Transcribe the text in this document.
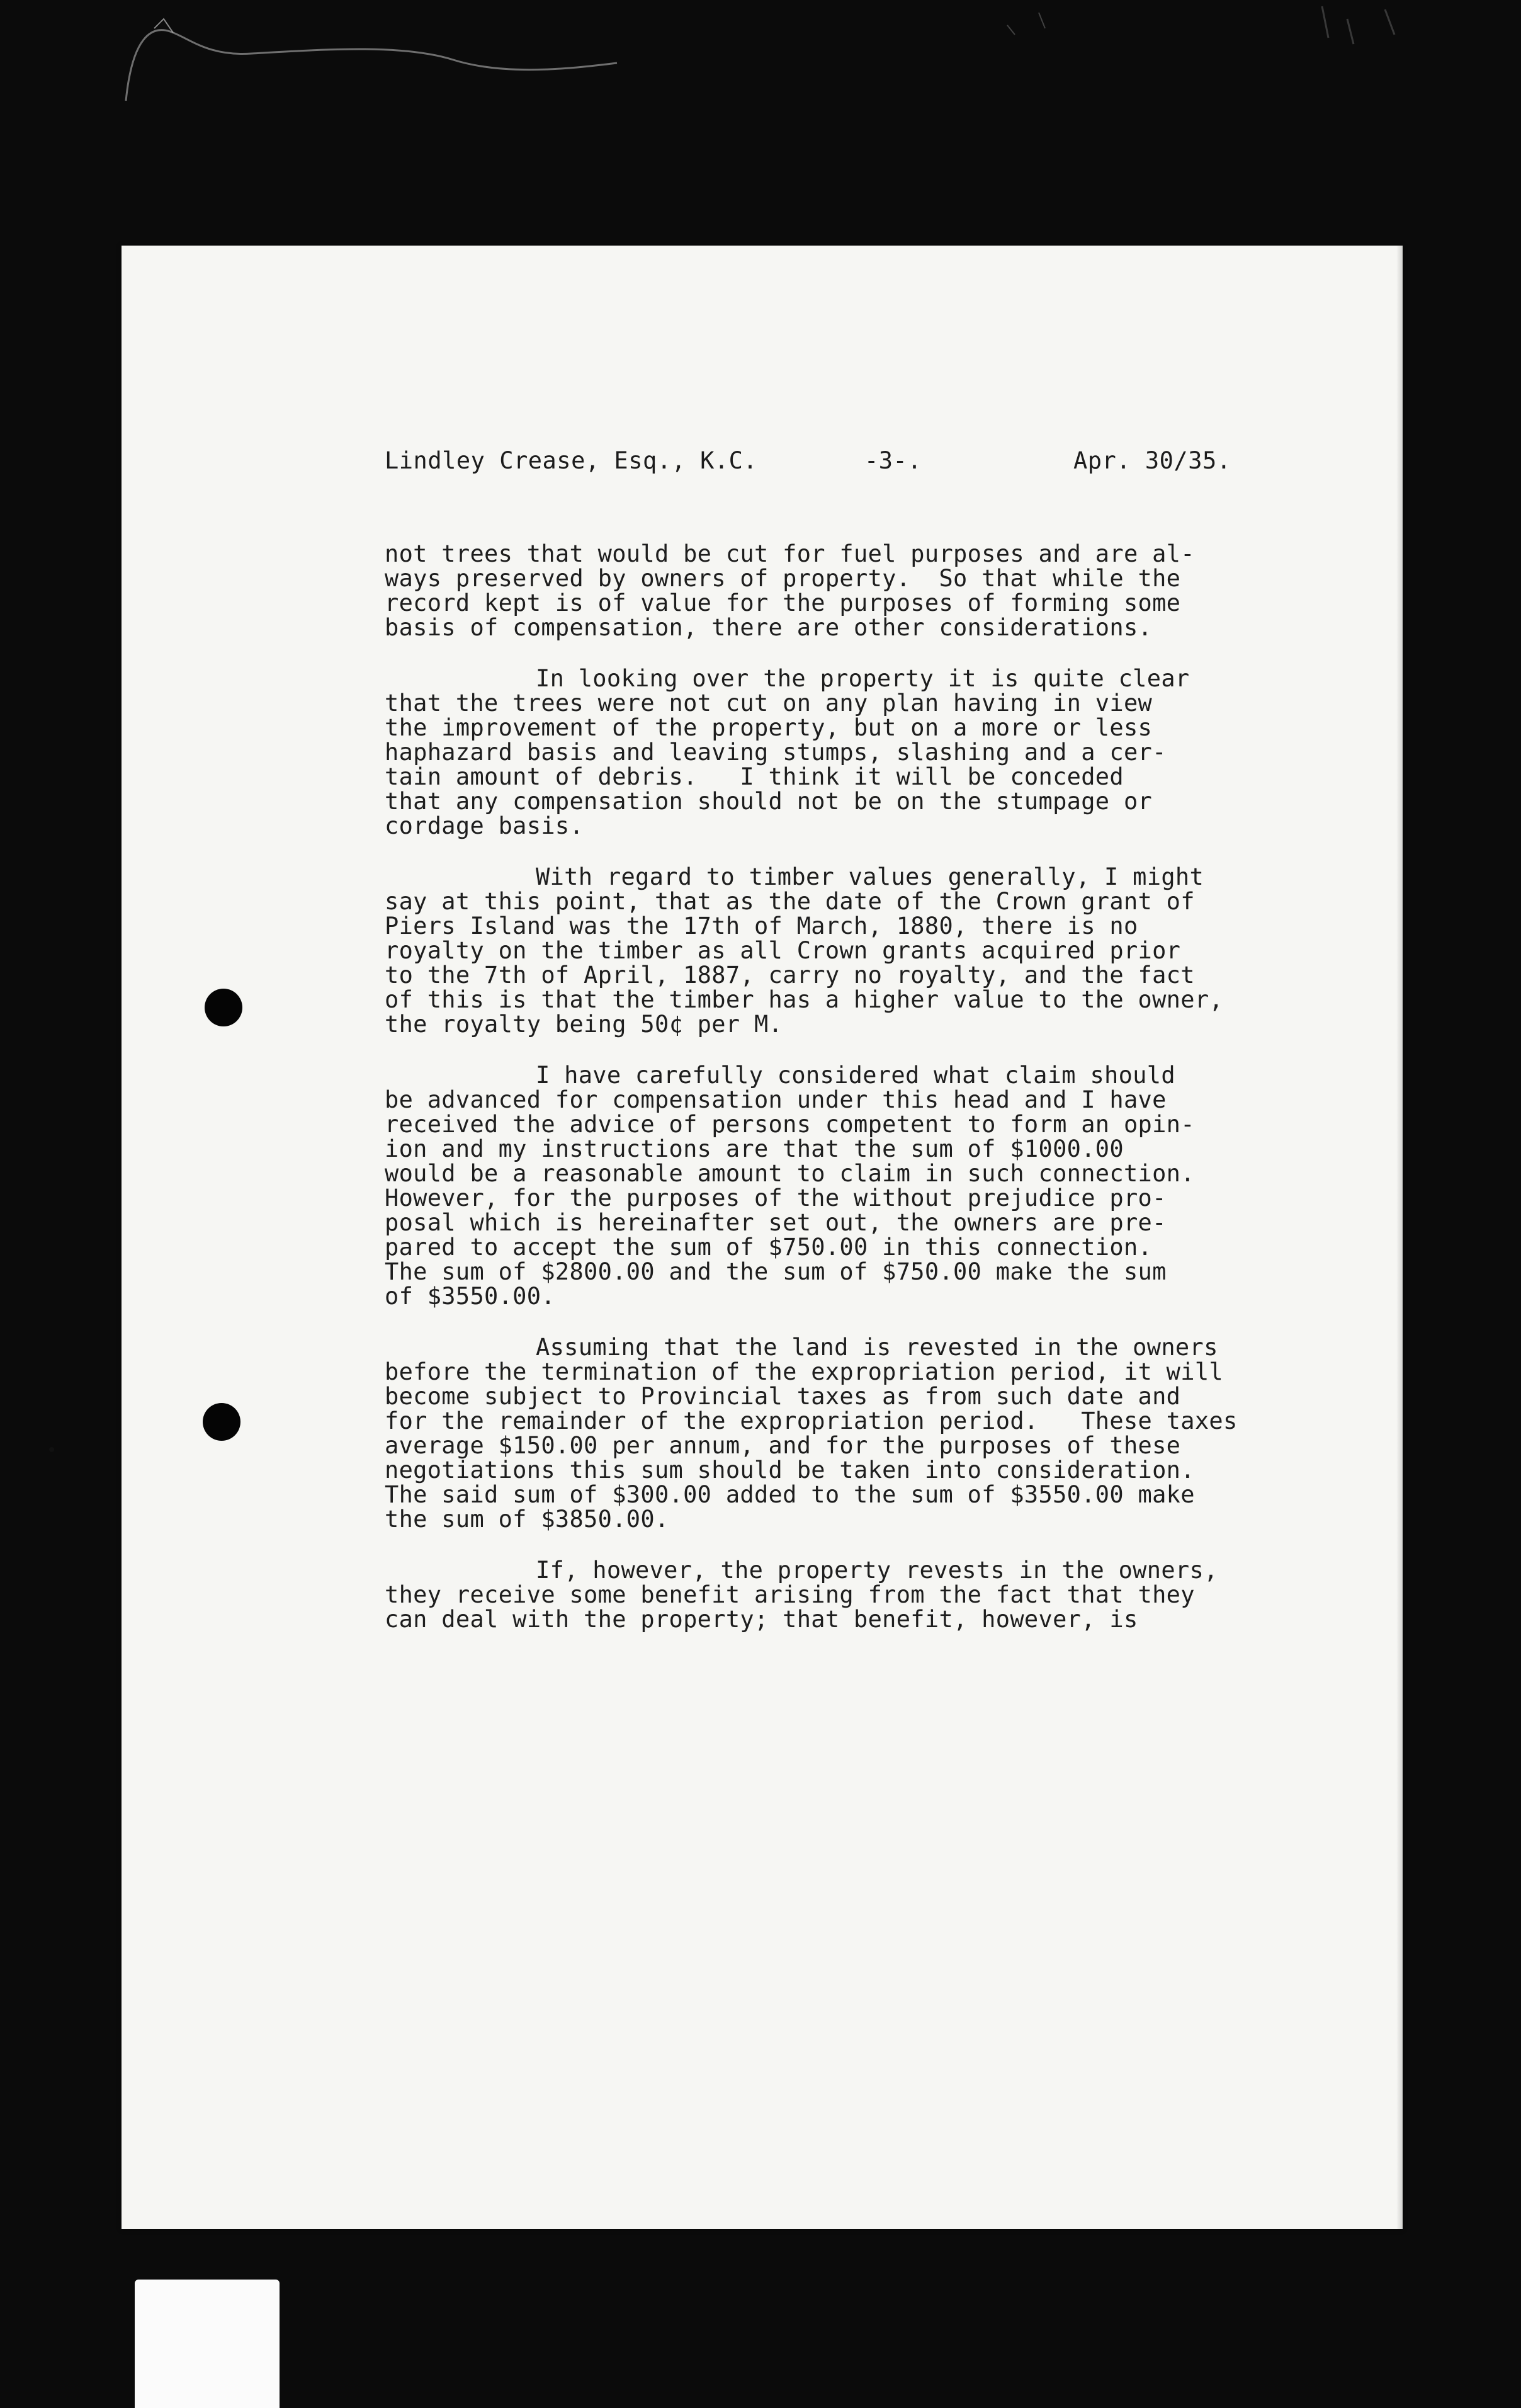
Lindley Crease, Esq., K.C.	-3-.	Apr. 30/35.
not trees that would be cut for fuel purposes and are al-
ways preserved by owners of property.  So that while the
record kept is of value for the purposes of forming some
basis of compensation, there are other considerations.
In looking over the property it is quite clear
that the trees were not cut on any plan having in view
the improvement of the property, but on a more or less
haphazard basis and leaving stumps, slashing and a cer-
tain amount of debris.   I think it will be conceded
that any compensation should not be on the stumpage or
cordage basis.
With regard to timber values generally, I might
say at this point, that as the date of the Crown grant of
Piers Island was the 17th of March, 1880, there is no
royalty on the timber as all Crown grants acquired prior
to the 7th of April, 1887, carry no royalty, and the fact
of this is that the timber has a higher value to the owner,
the royalty being 50¢ per M.
I have carefully considered what claim should
be advanced for compensation under this head and I have
received the advice of persons competent to form an opin-
ion and my instructions are that the sum of $1000.00
would be a reasonable amount to claim in such connection.
However, for the purposes of the without prejudice pro-
posal which is hereinafter set out, the owners are pre-
pared to accept the sum of $750.00 in this connection.
The sum of $2800.00 and the sum of $750.00 make the sum
of $3550.00.
Assuming that the land is revested in the owners
before the termination of the expropriation period, it will
become subject to Provincial taxes as from such date and
for the remainder of the expropriation period.   These taxes
average $150.00 per annum, and for the purposes of these
negotiations this sum should be taken into consideration.
The said sum of $300.00 added to the sum of $3550.00 make
the sum of $3850.00.
If, however, the property revests in the owners,
they receive some benefit arising from the fact that they
can deal with the property; that benefit, however, is
